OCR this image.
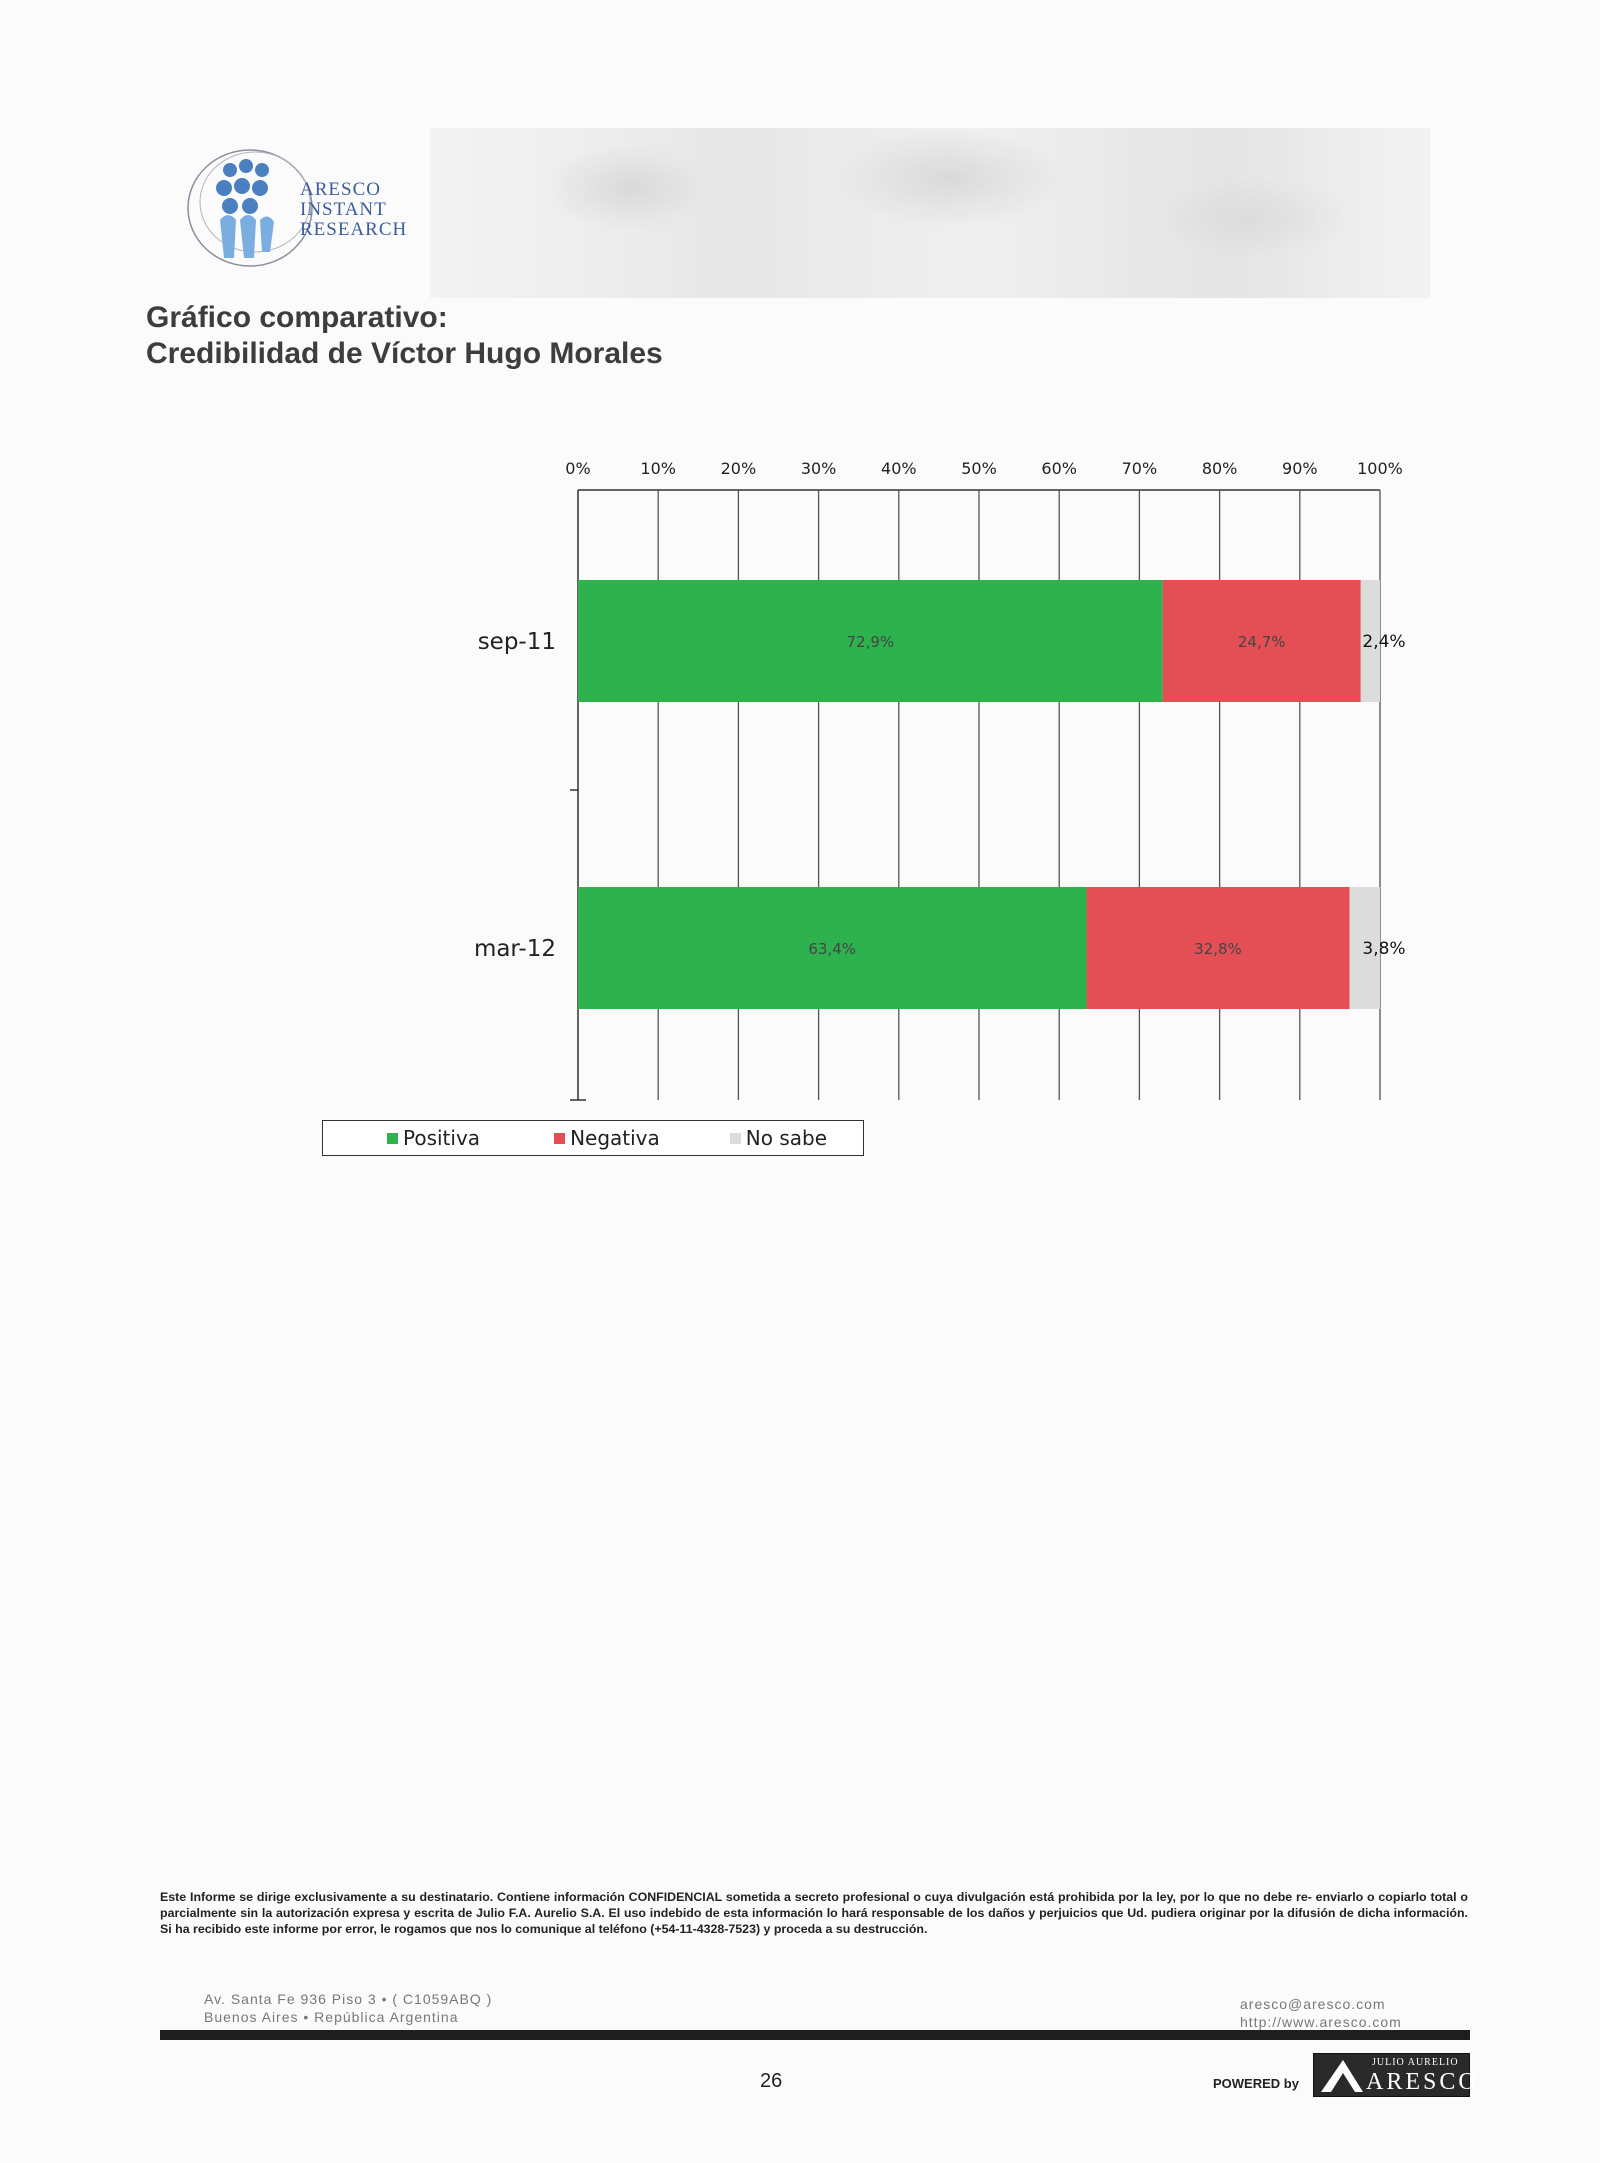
ARESCO
INSTANT
RESEARCH
Gráfico comparativo:
Credibilidad de Víctor Hugo Morales
0%	10%	20%	30%	40%	50%	60%	70%	80%	90% 100%
sep-11	72,9%	24,7%	2,4%
mar-12	63,4%	32,8%	3,8%
Positiva	Negativa	No sabe
Este Informe se dirige exclusivamente a su destinatario. Contiene información CONFIDENCIAL sometida a secreto profesional o cuya divulgación está prohibida por la ley, por lo que no debe re- enviarlo o copiarlo total o parcialmente sin la autorización expresa y escrita de Julio F.A. Aurelio S.A. El uso indebido de esta información lo hará responsable de los daños y perjuicios que Ud. pudiera originar por la difusión de dicha información. Si ha recibido este informe por error, le rogamos que nos lo comunique al teléfono (+54-11-4328-7523) y proceda a su destrucción.
Av. Santa Fe 936 Piso 3 • ( C1059ABQ )
Buenos Aires • República Argentina
aresco@aresco.com
http://www.aresco.com
26	POWERED by
JULIO AURELIO
ARESCO
